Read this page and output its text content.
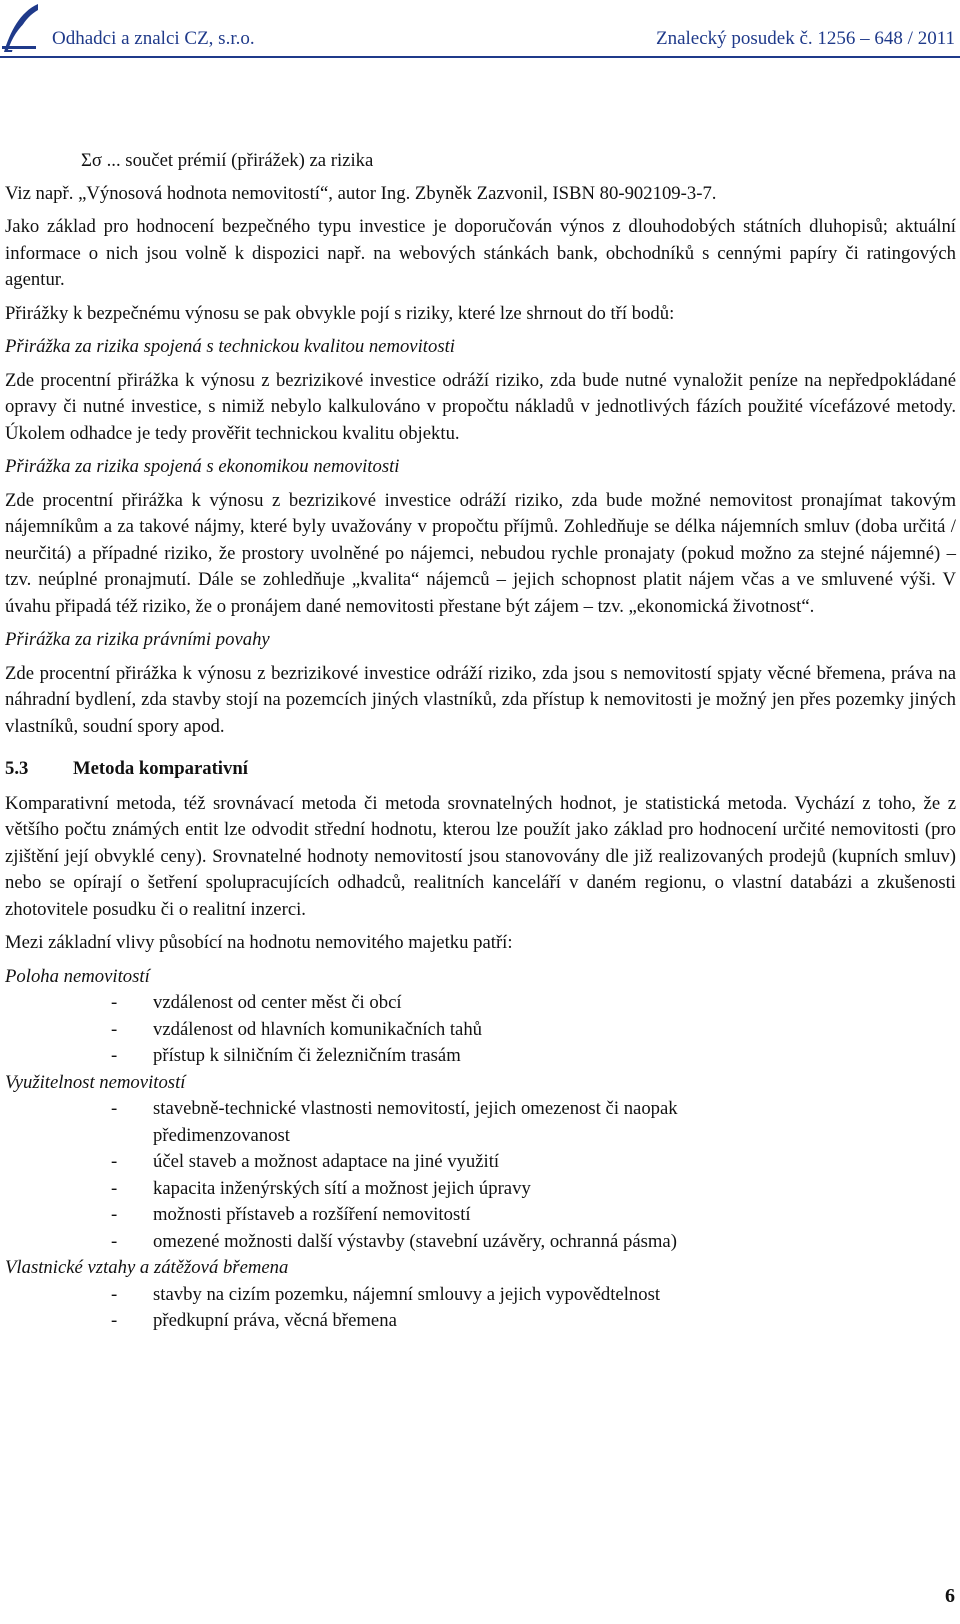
Odhadci a znalci CZ, s.r.o.	Znalecký posudek č. 1256 – 648 / 2011

Σσ ... součet prémií (přirážek) za rizika

Viz např. „Výnosová hodnota nemovitostí“, autor Ing. Zbyněk Zazvonil, ISBN 80-902109-3-7.

Jako základ pro hodnocení bezpečného typu investice je doporučován výnos z dlouhodobých státních dluhopisů; aktuální informace o nich jsou volně k dispozici např. na webových stánkách bank, obchodníků s cennými papíry či ratingových agentur.

Přirážky k bezpečnému výnosu se pak obvykle pojí s riziky, které lze shrnout do tří bodů:

Přirážka za rizika spojená s technickou kvalitou nemovitosti

Zde procentní přirážka k výnosu z bezrizikové investice odráží riziko, zda bude nutné vynaložit peníze na nepředpokládané opravy či nutné investice, s nimiž nebylo kalkulováno v propočtu nákladů v jednotlivých fázích použité vícefázové metody. Úkolem odhadce je tedy prověřit technickou kvalitu objektu.

Přirážka za rizika spojená s ekonomikou nemovitosti

Zde procentní přirážka k výnosu z bezrizikové investice odráží riziko, zda bude možné nemovitost pronajímat takovým nájemníkům a za takové nájmy, které byly uvažovány v propočtu příjmů. Zohledňuje se délka nájemních smluv (doba určitá / neurčitá) a případné riziko, že prostory uvolněné po nájemci, nebudou rychle pronajaty (pokud možno za stejné nájemné) – tzv. neúplné pronajmutí. Dále se zohledňuje „kvalita“ nájemců – jejich schopnost platit nájem včas a ve smluvené výši. V úvahu připadá též riziko, že o pronájem dané nemovitosti přestane být zájem – tzv. „ekonomická životnost“.

Přirážka za rizika právními povahy

Zde procentní přirážka k výnosu z bezrizikové investice odráží riziko, zda jsou s nemovitostí spjaty věcné břemena, práva na náhradní bydlení, zda stavby stojí na pozemcích jiných vlastníků, zda přístup k nemovitosti je možný jen přes pozemky jiných vlastníků, soudní spory apod.

5.3 Metoda komparativní

Komparativní metoda, též srovnávací metoda či metoda srovnatelných hodnot, je statistická metoda. Vychází z toho, že z většího počtu známých entit lze odvodit střední hodnotu, kterou lze použít jako základ pro hodnocení určité nemovitosti (pro zjištění její obvyklé ceny). Srovnatelné hodnoty nemovitostí jsou stanovovány dle již realizovaných prodejů (kupních smluv) nebo se opírají o šetření spolupracujících odhadců, realitních kanceláří v daném regionu, o vlastní databázi a zkušenosti zhotovitele posudku či o realitní inzerci.

Mezi základní vlivy působící na hodnotu nemovitého majetku patří:

Poloha nemovitostí

- vzdálenost od center měst či obcí
- vzdálenost od hlavních komunikačních tahů
- přístup k silničním či železničním trasám

Využitelnost nemovitostí

- stavebně-technické vlastnosti nemovitostí, jejich omezenost či naopak předimenzovanost
- účel staveb a možnost adaptace na jiné využití
- kapacita inženýrských sítí a možnost jejich úpravy
- možnosti přístaveb a rozšíření nemovitostí
- omezené možnosti další výstavby (stavební uzávěry, ochranná pásma)

Vlastnické vztahy a zátěžová břemena

- stavby na cizím pozemku, nájemní smlouvy a jejich vypovědtelnost
- předkupní práva, věcná břemena
6
